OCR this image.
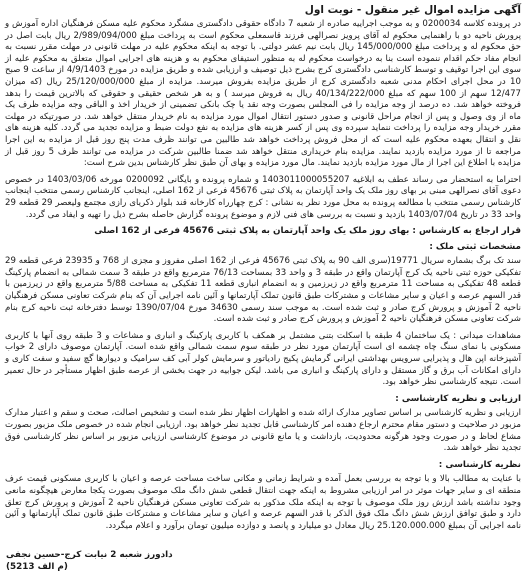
آگهی مزایده اموال غیر منقول - نوبت اول
در پرونده کلاسه 0200034 و به موجب اجراییه صادره از شعبه 7 دادگاه حقوقی دادگستری مشگرد محکوم علیه مسکن فرهنگیان اداره آموزش و پرورش ناحیه دو با راهنمایی محکوم له آقای پرویز نصرالهی فرزند قاسمعلی محکوم است به پرداخت مبلغ 2/989/094/000 ریال بابت اصل در حق محکوم له و پرداخت مبلغ 145/000/000 ریال بابت نیم عشر دولتی. با توجه به اینکه محکوم علیه در مهلت قانونی در مهلت مقرر نسبت به انجام مفاد حکم اقدام ننموده است بنا به درخواست محکوم له به منظور استیفای محکوم به و هزینه های اجرایی اموال متعلق به محکوم علیه از سوی این اجرا توقیف و توسط کارشناسی دادگستری کرج بشرح ذیل توصیف و ارزیابی شده و طریق مزایده در مورخ 4/9/1403 از ساعت 9 صبح 10 در محل اجرای احکام مدنی شعبه دادگستری کرج از طریق مزایده بفروش میرسد. مزایده از مبلغ 25/120/000/000 ریال (که میزان 12/477 سهم از 100 سهم که مبلغ 40/134/222/000 ریال به فروش میرسد ) و به هر شخص حقیقی و حقوقی که بالاترین قیمت را بدهد فروخته خواهد شد. ده درصد از وجه مزایده را فی المجلس بصورت وجه نقد یا چک بانکی تضمینی از خریدار اخذ و الباقی وجه مزایده ظرف یک ماه از وی وصول و پس از انجام مراحل قانونی و صدور دستور انتقال اموال مورد مزایده به نام خریدار منتقل خواهد شد. در صورتیکه در مهلت مقرر خریدار وجه مزایده را پرداخت ننماید سپرده وی پس از کسر هزینه های مزایده به نفع دولت ضبط و مزایده تجدید می گردد. کلیه هزینه های نقل و انتقال بعهده محکوم علیه است که از محل فروش پرداخت خواهد شد طالبین می توانند ظرف مدت پنج روز قبل از مزایده به این اجرا مراجعه تا از مورد مزایده بازدید نمایند. مزایده بنام خریداری منتقل خواهد شد ضمنا طالبین شرکت در مزایده می توانند ظرف 5 روز قبل از مزایده با اطلاع این اجرا از مال مورد مزایده بازدید نمایند. مال مورد مزایده و بهای آن طبق نظر کارشناس بدین شرح است:
احتراما به استحضار می رساند عطف به ابلاغیه 1403011000055207 و شماره پرونده و بایگانی 0200092 مورخه 1403/03/06 در خصوص دعوی آقای نصرالهی مبنی بر بهای روز ملک یک واحد آپارتمان به پلاک ثبتی 45676 فرعی از 162 اصلی، اینجانب کارشناس رسمی منتخب اینجانب کارشناس رسمی منتخب با مطالعه پرونده به محل مورد نظر به نشانی : کرج چهارراه کارخانه قند بلوار ذکریای رازی مجتمع ولیعصر 29 قطعه 29 واحد 33 در تاریخ 1403/07/04 بازدید و نسبت به بررسی های فنی لازم و موضوع پرونده گزارش حاصله بشرح ذیل را تهیه و ایفاد می گردد.
قرار ارجاع به کارشناس : بهای روز ملک یک واحد آپارتمان به پلاک ثبتی 45676 فرعی از 162 اصلی
مشخصات ثبتی ملک :
سند تک برگ بشماره سریال 19771(سری الف 90 به پلاک ثبتی 45676 فرعی از 162 اصلی مفروز و مجزی از 768 و 23935 فرعی قطعه 29 تفکیکی حوزه ثبتی ناحیه یک کرج آپارتمان واقع در طبقه 3 و واحد 33 بمساحت 76/13 مترمربع واقع در طبقه 3 سمت شمالی به انضمام پارکینگ قطعه 48 تفکیکی به مساحت 11 مترمربع واقع در زیرزمین و به انضمام انباری قطعه 11 تفکیکی به مساحت 5/88 مترمربع واقع در زیرزمین با قدر السهم عرصه و اعیان و سایر مشاعات و مشترکات طبق قانون تملک آپارتمانها و آئین نامه اجرایی آن که بنام شرکت تعاونی مسکن فرهنگیان ناحیه 2 آموزش و پرورش کرج صادر و ثبت شده است. به موجب سند رسمی 34630 مورخ 1390/07/04 توسط دفترخانه ثبت ناحیه کرج بنام شرکت تعاونی مسکن فرهنگیان ناحیه 2 آموزش و پرورش کرج صادر و ثبت شده است.
مشاهدات میدانی : یک ساختمان 4 طبقه با اسکلت بتنی مشتمل بر همکف با کاربری پارکینگ و انباری و مشاعات و 3 طبقه روی آنها با کاربری مسکونی با نمای سنگ چاه چشمه ای است آپارتمان مورد نظر در طبقه سوم سمت شمالی واقع شده است. آپارتمان موصوف دارای 2 خواب آشپزخانه اپن هال و پذیرایی سرویس بهداشتی ایرانی گرمایش پکیج رادیاتور و سرمایش کولر آبی کف سرامیک و دیوارها گچ سفید و سفت کاری و دارای امکانات آب برق و گاز مستقل و دارای پارکینگ و انباری می باشد. لیکن جوابیه در جهت بخشی از عرصه طبق اظهار مستأجر در حال تعمیر است. نتیجه کارشناسی نظر خواهد بود.
ارزیابی و نظریه کارشناسی :
ارزیابی و نظریه کارشناسی بر اساس تصاویر مدارک ارائه شده و اظهارات اظهار نظر شده است و تشخیص اصالت، صحت و سقم و اعتبار مدارک مزبور در صلاحیت و دستور مقام محترم ارجاع دهنده امر کارشناسی قابل تجدید نظر خواهد بود. ارزیابی انجام شده در خصوص ملک مزبور بصورت مشاع لحاظ و در صورت وجود هرگونه محدودیت، بازداشت و یا مانع قانونی در موضوع کارشناسی ارزیابی مزبور بر اساس نظر کارشناسی فوق تجدید نظر خواهد شد.
نظریه کارشناسی :
با عنایت به مطالب بالا و با توجه به بررسی بعمل آمده و شرایط زمانی و مکانی ساخت مساحت عرصه و اعیان با کاربری مسکونی قیمت عرف منطقه ای و سایر جهات موثر در امر ارزیابی مشروط به اینکه جهت انتقال قطعی شش دانگ ملک موصوف بصورت یکجا معارض هیچگونه مانعی وجود نداشته باشد ارزش روز ملک موصوف با توجه به اینکه ملک مذکور به شرکت تعاونی مسکن فرهنگیان ناحیه 2 آموزش و پرورش کرج تعلق دارد و طبق توافق ارزش شش دانگ ملک فوق الذکر با قدر السهم عرصه و اعیان و سایر مشاعات و مشترکات طبق قانون تملک آپارتمانها و آئین نامه اجرایی آن بمبلغ 25.120.000.000 ریال معادل دو میلیارد و پانصد و دوازده میلیون تومان برآورد و اعلام میگردد.
دادورز شعبه 2 نیابت کرج-حسین نجفی
(م الف 5213)
